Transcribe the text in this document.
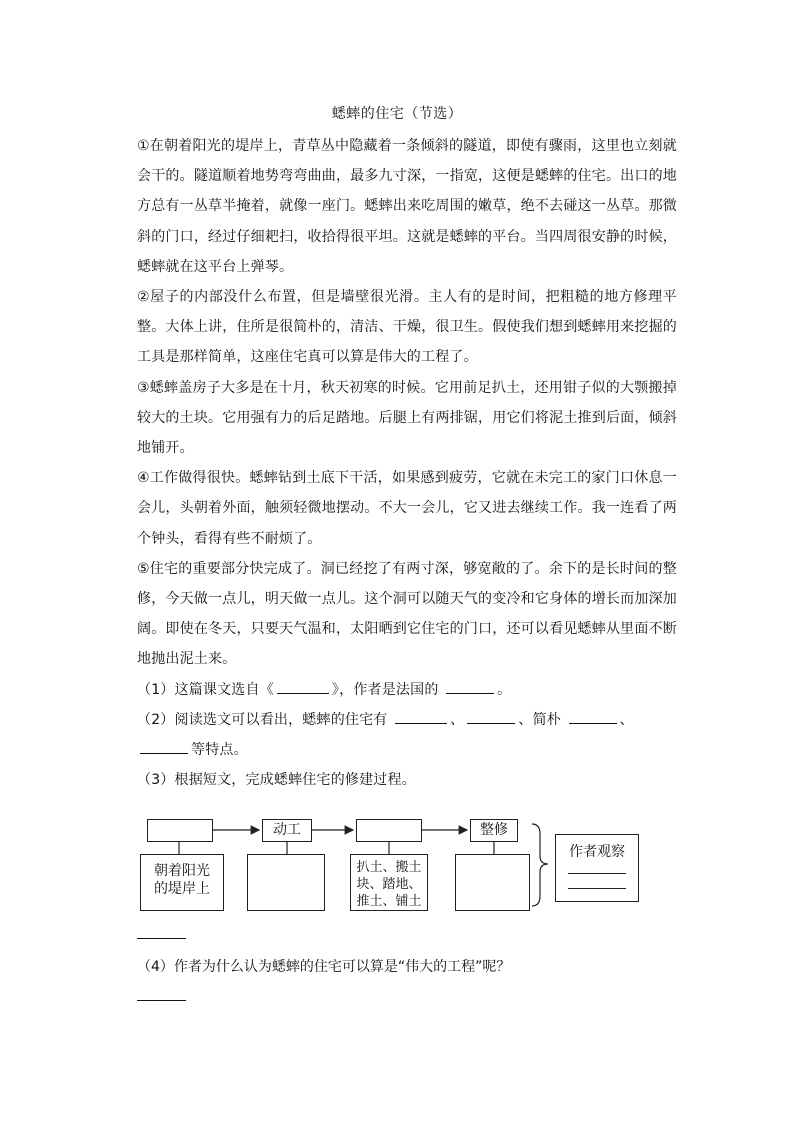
蟋蟀的住宅（节选）

①在朝着阳光的堤岸上，青草丛中隐藏着一条倾斜的隧道，即使有骤雨，这里也立刻就会干的。隧道顺着地势弯弯曲曲，最多九寸深，一指宽，这便是蟋蟀的住宅。出口的地方总有一丛草半掩着，就像一座门。蟋蟀出来吃周围的嫩草，绝不去碰这一丛草。那微斜的门口，经过仔细耙扫，收拾得很平坦。这就是蟋蟀的平台。当四周很安静的时候，蟋蟀就在这平台上弹琴。

②屋子的内部没什么布置，但是墙壁很光滑。主人有的是时间，把粗糙的地方修理平整。大体上讲，住所是很简朴的，清洁、干燥，很卫生。假使我们想到蟋蟀用来挖掘的工具是那样简单，这座住宅真可以算是伟大的工程了。

③蟋蟀盖房子大多是在十月，秋天初寒的时候。它用前足扒土，还用钳子似的大颚搬掉较大的土块。它用强有力的后足踏地。后腿上有两排锯，用它们将泥土推到后面，倾斜地铺开。

④工作做得很快。蟋蟀钻到土底下干活，如果感到疲劳，它就在未完工的家门口休息一会儿，头朝着外面，触须轻微地摆动。不大一会儿，它又进去继续工作。我一连看了两个钟头，看得有些不耐烦了。

⑤住宅的重要部分快完成了。洞已经挖了有两寸深，够宽敞的了。余下的是长时间的整修，今天做一点儿，明天做一点儿。这个洞可以随天气的变冷和它身体的增长而加深加阔。即使在冬天，只要天气温和，太阳晒到它住宅的门口，还可以看见蟋蟀从里面不断地抛出泥土来。

（1）这篇课文选自《	》，作者是法国的	。

（2）阅读选文可以看出，蟋蟀的住宅有	、	、简朴	、等特点。

（3）根据短文，完成蟋蟀住宅的修建过程。

动工	整修
朝着阳光
的堤岸上
扒土、搬土
块、踏地、
推土、铺土
作者观察
（4）作者为什么认为蟋蟀的住宅可以算是“伟大的工程”呢？
